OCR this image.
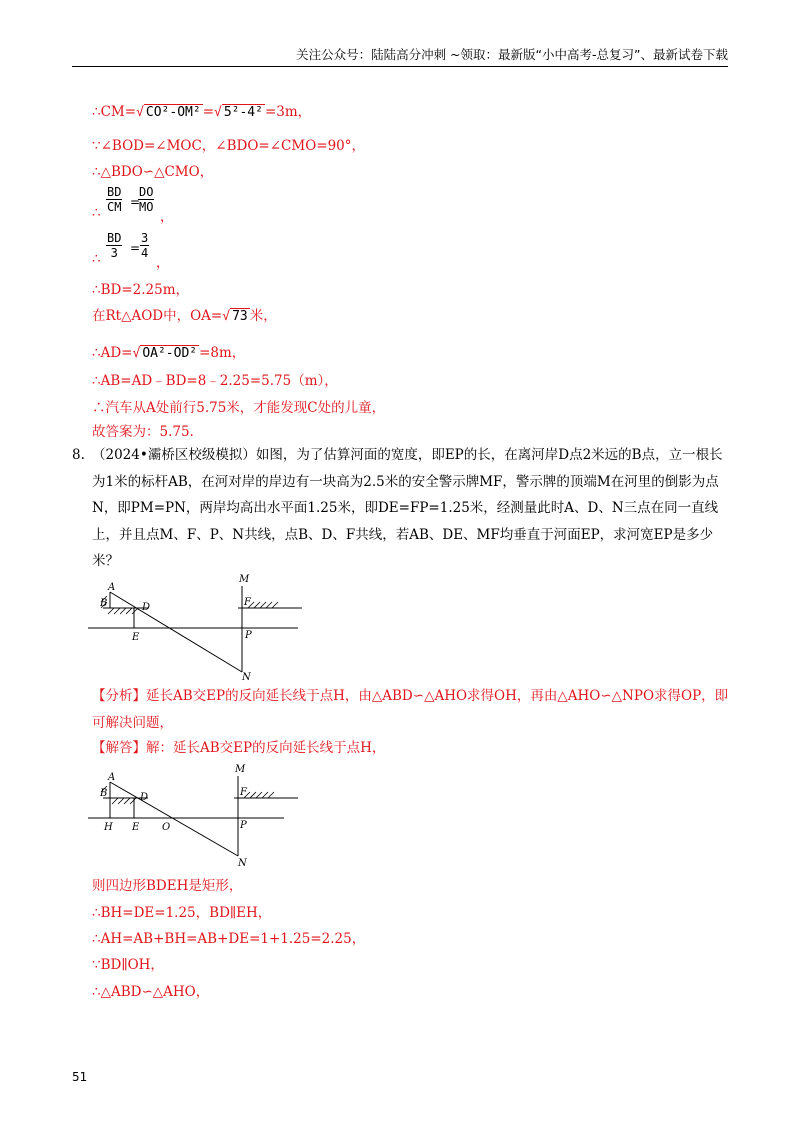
关注公众号：陆陆高分冲刺 ~领取：最新版“小中高考-总复习”、最新试卷下载
∴CM=√ CO²-OM² =√ 5²-4² =3m，
∵∠BOD=∠MOC，∠BDO=∠CMO=90°，
∴△BDO∽△CMO，
∴ $\frac{BD}{CM}$ =
$\frac{DO}{MO}$
，
∴ $\frac{BD}{3} = \frac{3}{4}$
，
∴BD=2.25m，
在Rt△AOD中，OA=√ 73 米，
∴AD=√ OA²-OD² =8m，
∴AB=AD﹣BD=8﹣2.25=5.75（m），
∴汽车从A处前行5.75米，才能发现C处的儿童，
故答案为：5.75.
8. （2024•灞桥区校级模拟）如图，为了估算河面的宽度，即EP的长，在离河岸D点2米远的B点，立一根长为1米的标杆AB，在河对岸的岸边有一块高为2.5米的安全警示牌MF，警示牌的顶端M在河里的倒影为点N，即PM=PN，两岸均高出水平面1.25米，即DE=FP=1.25米，经测量此时A、D、N三点在同一直线上，并且点M、F、P、N共线，点B、D、F共线，若AB、DE、MF均垂直于河面EP，求河宽EP是多少米？
A
B	D
E
M
F
P
N
【分析】延长AB交EP的反向延长线于点H，由△ABD∽△AHO求得OH，再由△AHO∽△NPO求得OP，即可解决问题，
【解答】解：延长AB交EP的反向延长线于点H，
A
B	D
H E O
M
F
P
N
则四边形BDEH是矩形，
∴BH=DE=1.25，BD∥EH，
∴AH=AB+BH=AB+DE=1+1.25=2.25，
∵BD∥OH，
∴△ABD∽△AHO，
51
